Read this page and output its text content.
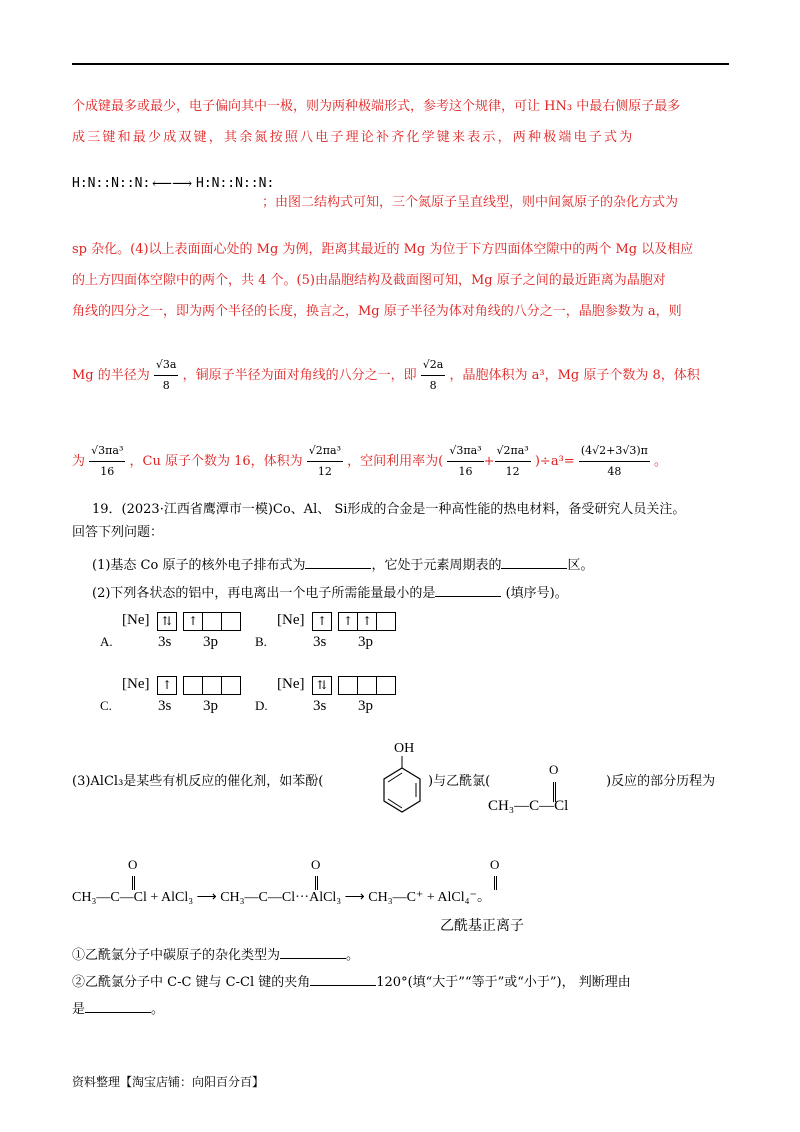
个成键最多或最少，电子偏向其中一极，则为两种极端形式，参考这个规律，可让 HN₃ 中最右侧原子最多
成三键和最少成双键，其余氮按照八电子理论补齐化学键来表示，两种极端电子式为
H:N::N::N: ⟵⟶ H:N::N::N:
；由图二结构式可知，三个氮原子呈直线型，则中间氮原子的杂化方式为
sp 杂化。(4)以上表面面心处的 Mg 为例，距离其最近的 Mg 为位于下方四面体空隙中的两个 Mg 以及相应
的上方四面体空隙中的两个，共 4 个。(5)由晶胞结构及截面图可知，Mg 原子之间的最近距离为晶胞对
角线的四分之一，即为两个半径的长度，换言之，Mg 原子半径为体对角线的八分之一，晶胞参数为 a，则
Mg 的半径为 $\frac{√3a}{8}$ ，铜原子半径为面对角线的八分之一，即 $\frac{√2a}{8}$ ，晶胞体积为 a³，Mg 原子个数为 8，体积
为 $\frac{\text{√3πa³}}{16}$ ，Cu 原子个数为 16，体积为 $\frac{\text{√2πa³}}{12}$ ，空间利用率为( $\frac{\text{√3πa³}}{16} + \frac{\text{√2πa³}}{12} )\div a^3= \frac{(4√2+3√3)\pi}{48}$ 。
19．(2023·江西省鹰潭市一模)Co、Al、 Si形成的合金是一种高性能的热电材料，备受研究人员关注。
回答下列问题：
(1)基态 Co 原子的核外电子排布式为	，它处于元素周期表的	区。
(2)下列各状态的铝中，再电离出一个电子所需能量最小的是	(填序号)。
A.
[Ne]	⇅	↑
3s 3p	B.
[Ne]	↑	↑ ↑
3s 3p
C.
[Ne]	↑
3s 3p	D.
[Ne]	⇅
3s 3p
(3)AlCl₃是某些有机反应的催化剂，如苯酚(
OH
)与乙酰氯(
O
CH₃—C—Cl
)反应的部分历程为
O	O	O
CH₃—C—Cl + AlCl₃ ⟶ CH₃—C—Cl···AlCl₃ ⟶ CH₃—C⁺ + AlCl₄⁻。
乙酰基正离子
①乙酰氯分子中碳原子的杂化类型为	。
②乙酰氯分子中 C-C 键与 C-Cl 键的夹角	120°(填“大于”“等于”或“小于”)， 判断理由
是	。
资料整理【淘宝店铺：向阳百分百】
